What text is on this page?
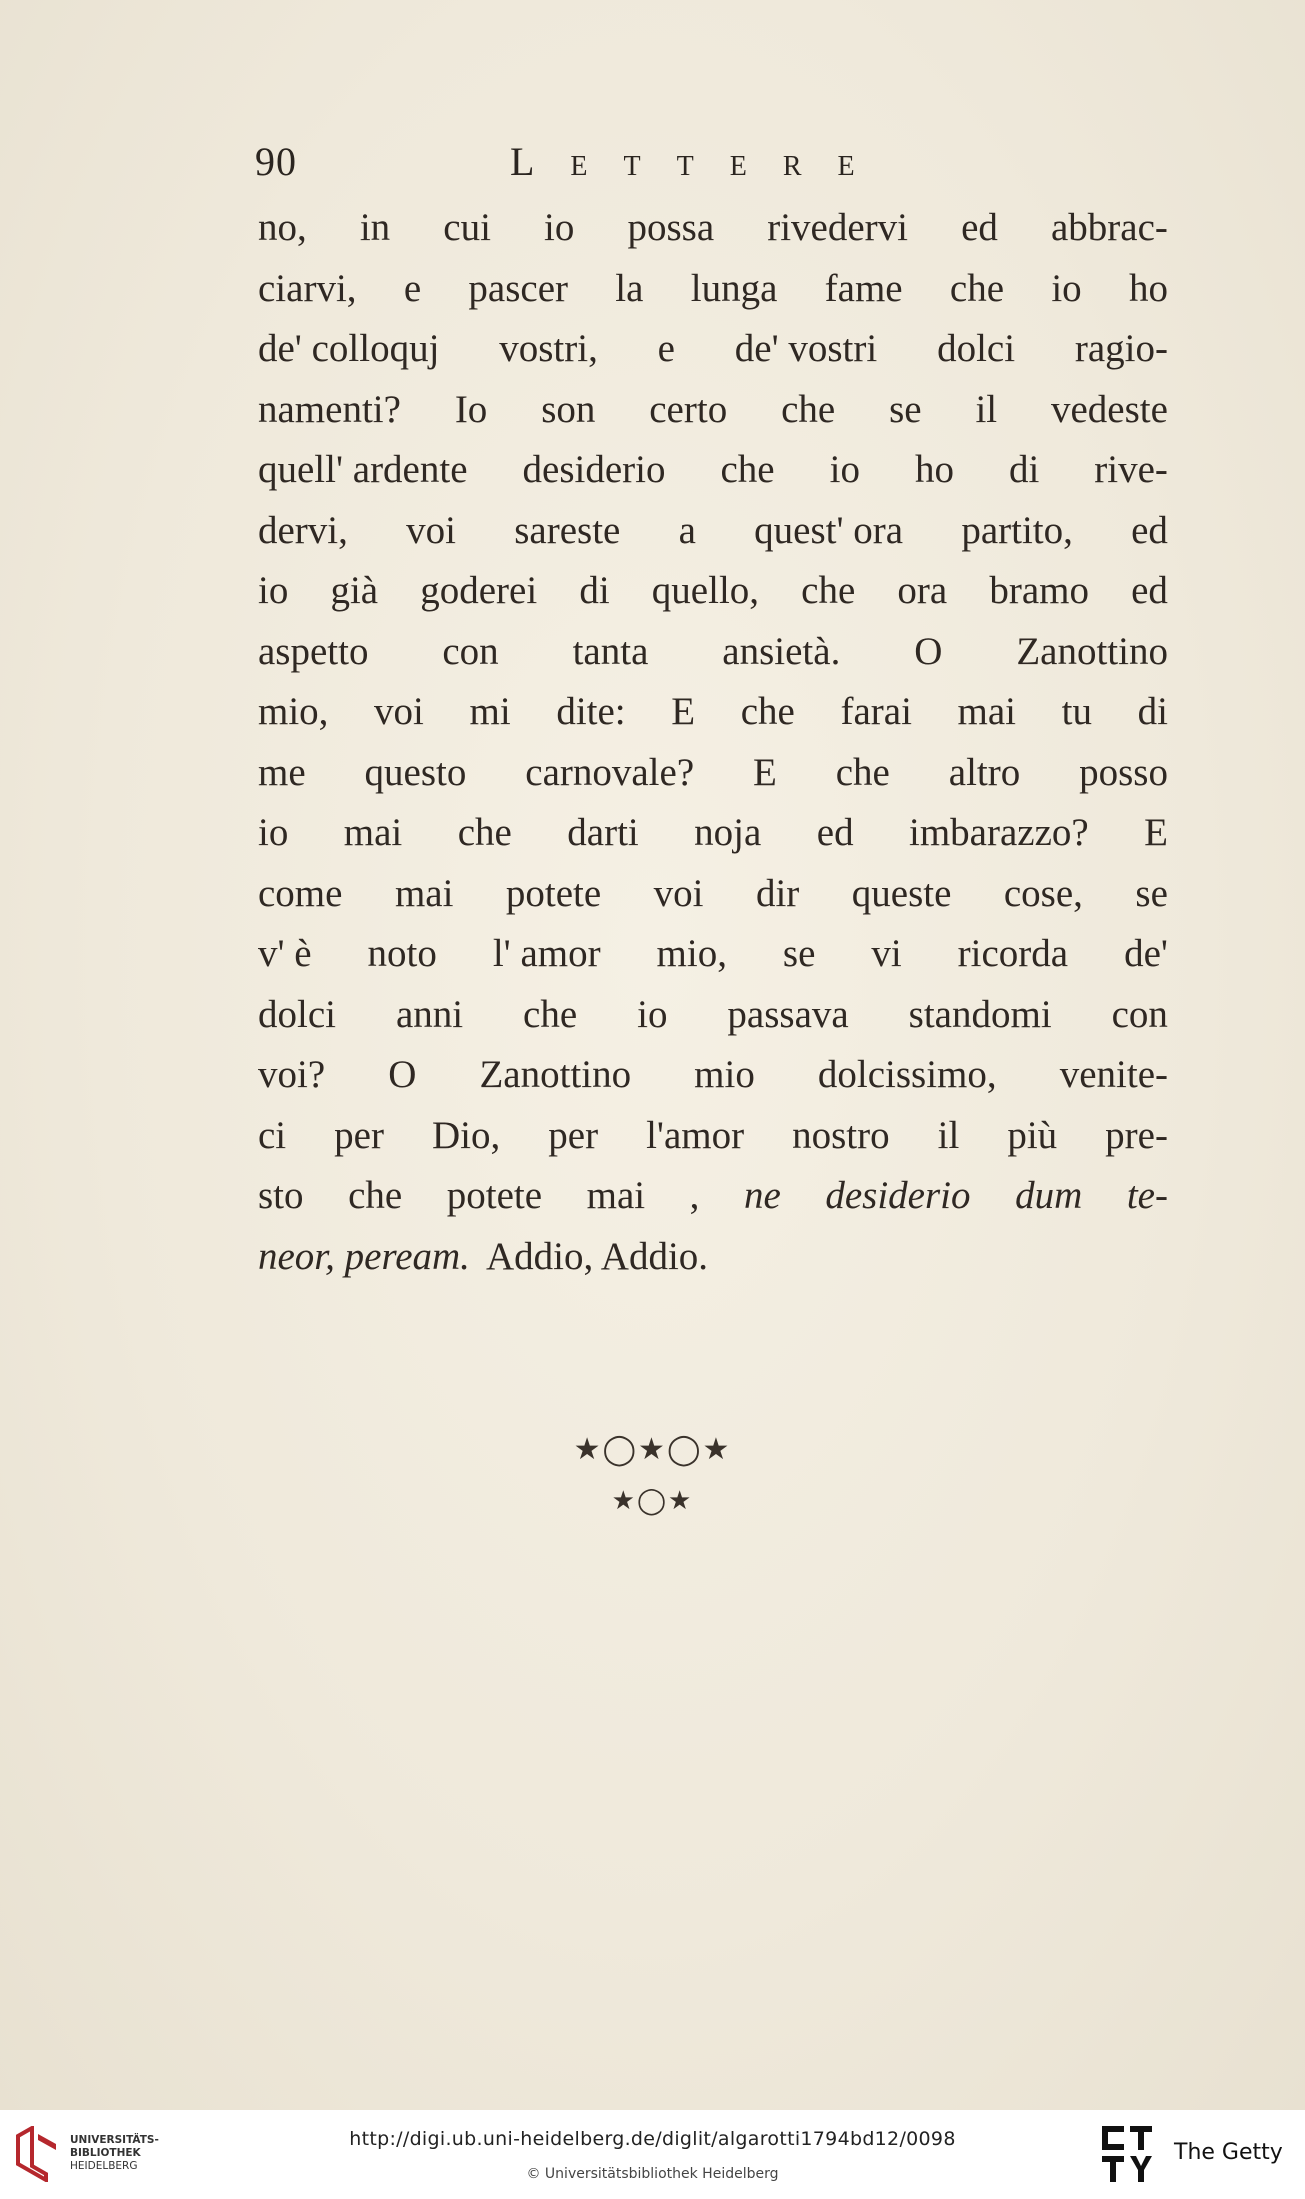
90	Lettere
no, in cui io possa rivedervi ed abbrac-
ciarvi, e pascer la lunga fame che io ho
de' colloquj vostri, e de' vostri dolci ragio-
namenti? Io son certo che se il vedeste
quell' ardente desiderio che io ho di rive-
dervi, voi sareste a quest' ora partito, ed
io già goderei di quello, che ora bramo ed
aspetto con tanta ansietà. O Zanottino
mio, voi mi dite: E che farai mai tu di
me questo carnovale? E che altro posso
io mai che darti noja ed imbarazzo? E
come mai potete voi dir queste cose, se
v' è noto l' amor mio, se vi ricorda de'
dolci anni che io passava standomi con
voi? O Zanottino mio dolcissimo, venite-
ci per Dio, per l'amor nostro il più pre-
sto che potete mai , ne desiderio dum te-
neor, peream. Addio, Addio.
★◯★◯★
★◯★
UNIVERSITÄTS-
BIBLIOTHEK
HEIDELBERG
http://digi.ub.uni-heidelberg.de/diglit/algarotti1794bd12/0098
© Universitätsbibliothek Heidelberg
The Getty
